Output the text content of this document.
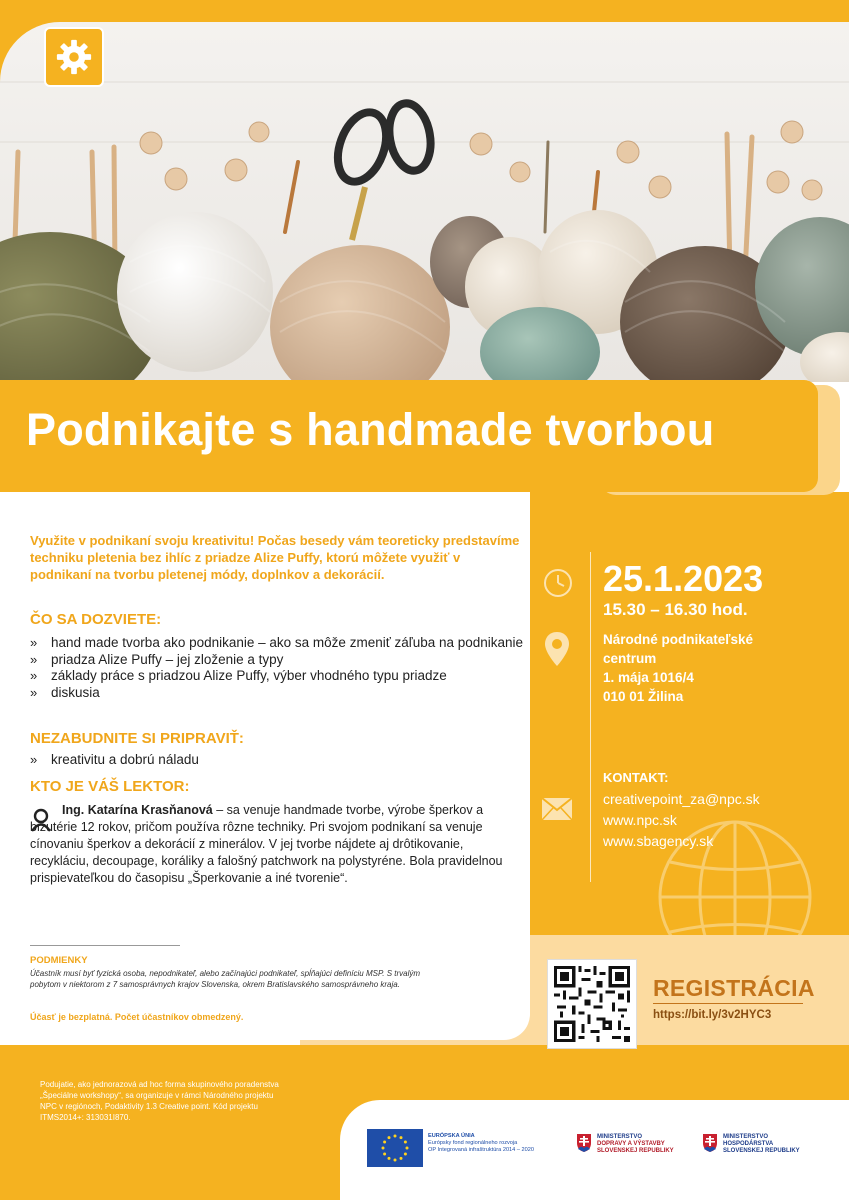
Podnikajte s handmade tvorbou

Využite v podnikaní svoju kreativitu! Počas besedy vám teoreticky predstavíme techniku pletenia bez ihlíc z priadze Alize Puffy, ktorú môžete využiť v podnikaní na tvorbu pletenej módy, doplnkov a dekorácií.

ČO SA DOZVIETE:
» hand made tvorba ako podnikanie – ako sa môže zmeniť záľuba na podnikanie
» priadza Alize Puffy – jej zloženie a typy
» základy práce s priadzou Alize Puffy, výber vhodného typu priadze
» diskusia
NEZABUDNITE SI PRIPRAVIŤ:
» kreativitu a dobrú náladu
KTO JE VÁŠ LEKTOR:

Ing. Katarína Krasňanová – sa venuje handmade tvorbe, výrobe šperkov a bižutérie 12 rokov, pričom používa rôzne techniky. Pri svojom podnikaní sa venuje cínovaniu šperkov a dekorácií z minerálov. V jej tvorbe nájdete aj drôtikovanie, recykláciu, decoupage, koráliky a falošný patchwork na polystyréne. Bola pravidelnou prispievateľkou do časopisu „Šperkovanie a iné tvorenie“.

PODMIENKY

Účastník musí byť fyzická osoba, nepodnikateľ, alebo začínajúci podnikateľ, spĺňajúci definíciu MSP. S trvalým pobytom v niektorom z 7 samosprávnych krajov Slovenska, okrem Bratislavského samosprávneho kraja.

Účasť je bezplatná. Počet účastníkov obmedzený.

25.1.2023
15.30 – 16.30 hod.
Národné podnikateľské
centrum
1. mája 1016/4
010 01 Žilina
KONTAKT:
creativepoint_za@npc.sk
www.npc.sk
www.sbagency.sk
REGISTRÁCIA
https://bit.ly/3v2HYC3

Podujatie, ako jednorazová ad hoc forma skupinového poradenstva „Špeciálne workshopy“, sa organizuje v rámci Národného projektu NPC v regiónoch, Podaktivity 1.3 Creative point. Kód projektu ITMS2014+: 313031I870.

EURÓPSKA ÚNIA
Európsky fond regionálneho rozvoja
OP Integrovaná infraštruktúra 2014 – 2020
MINISTERSTVO
DOPRAVY A VÝSTAVBY
SLOVENSKEJ REPUBLIKY
MINISTERSTVO
HOSPODÁRSTVA
SLOVENSKEJ REPUBLIKY
